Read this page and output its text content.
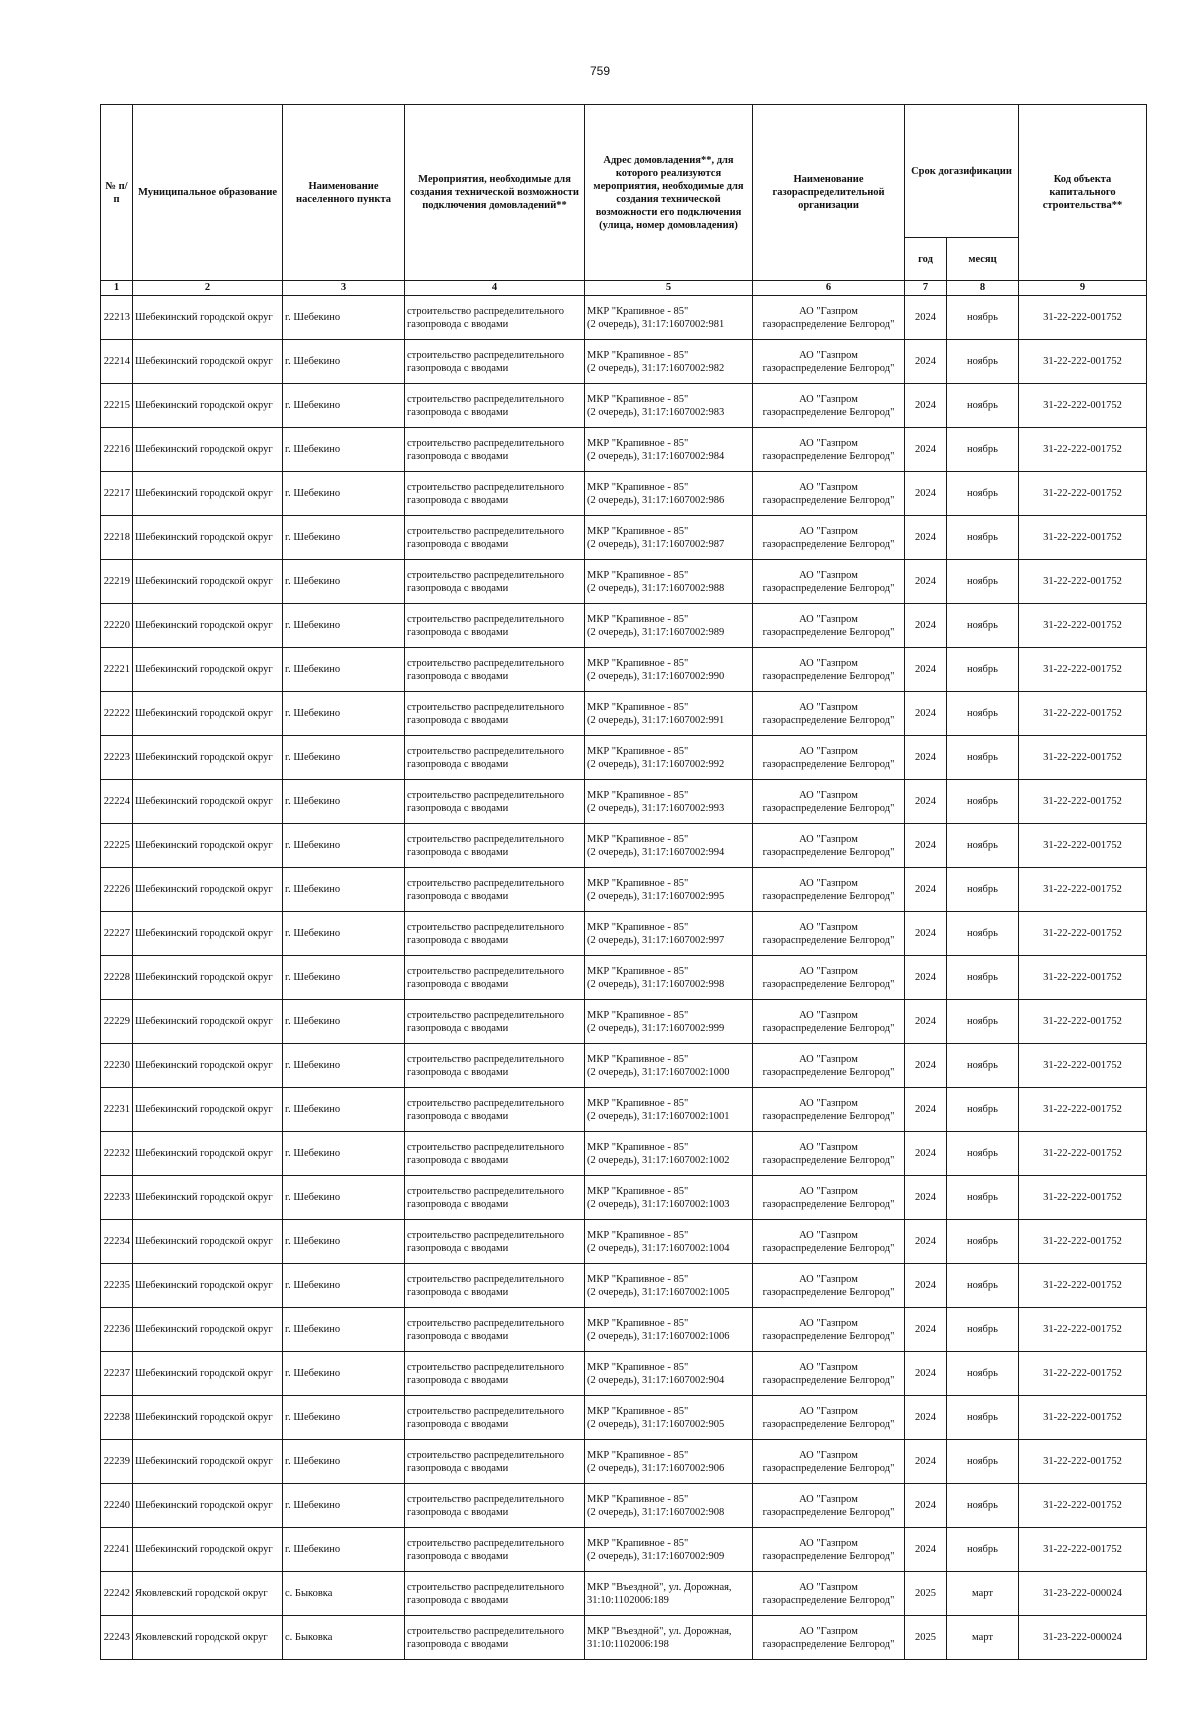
759
№ п/п	Муниципальное образование	Наименование населенного пункта	Мероприятия, необходимые для создания технической возможности подключения домовладений**	Адрес домовладения**, для которого реализуются мероприятия, необходимые для создания технической возможности его подключения (улица, номер домовладения)	Наименование газораспределительной организации	Срок догазификации		Код объекта капитального строительства**
						год	месяц	
1	2	3	4	5	6	7	8	9
22213	Шебекинский городской округ	г. Шебекино	строительство распределительного газопровода с вводами	МКР "Крапивное - 85"
(2 очередь), 31:17:1607002:981	АО "Газпром
газораспределение Белгород"	2024	ноябрь	31-22-222-001752
22214	Шебекинский городской округ	г. Шебекино	строительство распределительного газопровода с вводами	МКР "Крапивное - 85"
(2 очередь), 31:17:1607002:982	АО "Газпром
газораспределение Белгород"	2024	ноябрь	31-22-222-001752
22215	Шебекинский городской округ	г. Шебекино	строительство распределительного газопровода с вводами	МКР "Крапивное - 85"
(2 очередь), 31:17:1607002:983	АО "Газпром
газораспределение Белгород"	2024	ноябрь	31-22-222-001752
22216	Шебекинский городской округ	г. Шебекино	строительство распределительного газопровода с вводами	МКР "Крапивное - 85"
(2 очередь), 31:17:1607002:984	АО "Газпром
газораспределение Белгород"	2024	ноябрь	31-22-222-001752
22217	Шебекинский городской округ	г. Шебекино	строительство распределительного газопровода с вводами	МКР "Крапивное - 85"
(2 очередь), 31:17:1607002:986	АО "Газпром
газораспределение Белгород"	2024	ноябрь	31-22-222-001752
22218	Шебекинский городской округ	г. Шебекино	строительство распределительного газопровода с вводами	МКР "Крапивное - 85"
(2 очередь), 31:17:1607002:987	АО "Газпром
газораспределение Белгород"	2024	ноябрь	31-22-222-001752
22219	Шебекинский городской округ	г. Шебекино	строительство распределительного газопровода с вводами	МКР "Крапивное - 85"
(2 очередь), 31:17:1607002:988	АО "Газпром
газораспределение Белгород"	2024	ноябрь	31-22-222-001752
22220	Шебекинский городской округ	г. Шебекино	строительство распределительного газопровода с вводами	МКР "Крапивное - 85"
(2 очередь), 31:17:1607002:989	АО "Газпром
газораспределение Белгород"	2024	ноябрь	31-22-222-001752
22221	Шебекинский городской округ	г. Шебекино	строительство распределительного газопровода с вводами	МКР "Крапивное - 85"
(2 очередь), 31:17:1607002:990	АО "Газпром
газораспределение Белгород"	2024	ноябрь	31-22-222-001752
22222	Шебекинский городской округ	г. Шебекино	строительство распределительного газопровода с вводами	МКР "Крапивное - 85"
(2 очередь), 31:17:1607002:991	АО "Газпром
газораспределение Белгород"	2024	ноябрь	31-22-222-001752
22223	Шебекинский городской округ	г. Шебекино	строительство распределительного газопровода с вводами	МКР "Крапивное - 85"
(2 очередь), 31:17:1607002:992	АО "Газпром
газораспределение Белгород"	2024	ноябрь	31-22-222-001752
22224	Шебекинский городской округ	г. Шебекино	строительство распределительного газопровода с вводами	МКР "Крапивное - 85"
(2 очередь), 31:17:1607002:993	АО "Газпром
газораспределение Белгород"	2024	ноябрь	31-22-222-001752
22225	Шебекинский городской округ	г. Шебекино	строительство распределительного газопровода с вводами	МКР "Крапивное - 85"
(2 очередь), 31:17:1607002:994	АО "Газпром
газораспределение Белгород"	2024	ноябрь	31-22-222-001752
22226	Шебекинский городской округ	г. Шебекино	строительство распределительного газопровода с вводами	МКР "Крапивное - 85"
(2 очередь), 31:17:1607002:995	АО "Газпром
газораспределение Белгород"	2024	ноябрь	31-22-222-001752
22227	Шебекинский городской округ	г. Шебекино	строительство распределительного газопровода с вводами	МКР "Крапивное - 85"
(2 очередь), 31:17:1607002:997	АО "Газпром
газораспределение Белгород"	2024	ноябрь	31-22-222-001752
22228	Шебекинский городской округ	г. Шебекино	строительство распределительного газопровода с вводами	МКР "Крапивное - 85"
(2 очередь), 31:17:1607002:998	АО "Газпром
газораспределение Белгород"	2024	ноябрь	31-22-222-001752
22229	Шебекинский городской округ	г. Шебекино	строительство распределительного газопровода с вводами	МКР "Крапивное - 85"
(2 очередь), 31:17:1607002:999	АО "Газпром
газораспределение Белгород"	2024	ноябрь	31-22-222-001752
22230	Шебекинский городской округ	г. Шебекино	строительство распределительного газопровода с вводами	МКР "Крапивное - 85"
(2 очередь), 31:17:1607002:1000	АО "Газпром
газораспределение Белгород"	2024	ноябрь	31-22-222-001752
22231	Шебекинский городской округ	г. Шебекино	строительство распределительного газопровода с вводами	МКР "Крапивное - 85"
(2 очередь), 31:17:1607002:1001	АО "Газпром
газораспределение Белгород"	2024	ноябрь	31-22-222-001752
22232	Шебекинский городской округ	г. Шебекино	строительство распределительного газопровода с вводами	МКР "Крапивное - 85"
(2 очередь), 31:17:1607002:1002	АО "Газпром
газораспределение Белгород"	2024	ноябрь	31-22-222-001752
22233	Шебекинский городской округ	г. Шебекино	строительство распределительного газопровода с вводами	МКР "Крапивное - 85"
(2 очередь), 31:17:1607002:1003	АО "Газпром
газораспределение Белгород"	2024	ноябрь	31-22-222-001752
22234	Шебекинский городской округ	г. Шебекино	строительство распределительного газопровода с вводами	МКР "Крапивное - 85"
(2 очередь), 31:17:1607002:1004	АО "Газпром
газораспределение Белгород"	2024	ноябрь	31-22-222-001752
22235	Шебекинский городской округ	г. Шебекино	строительство распределительного газопровода с вводами	МКР "Крапивное - 85"
(2 очередь), 31:17:1607002:1005	АО "Газпром
газораспределение Белгород"	2024	ноябрь	31-22-222-001752
22236	Шебекинский городской округ	г. Шебекино	строительство распределительного газопровода с вводами	МКР "Крапивное - 85"
(2 очередь), 31:17:1607002:1006	АО "Газпром
газораспределение Белгород"	2024	ноябрь	31-22-222-001752
22237	Шебекинский городской округ	г. Шебекино	строительство распределительного газопровода с вводами	МКР "Крапивное - 85"
(2 очередь), 31:17:1607002:904	АО "Газпром
газораспределение Белгород"	2024	ноябрь	31-22-222-001752
22238	Шебекинский городской округ	г. Шебекино	строительство распределительного газопровода с вводами	МКР "Крапивное - 85"
(2 очередь), 31:17:1607002:905	АО "Газпром
газораспределение Белгород"	2024	ноябрь	31-22-222-001752
22239	Шебекинский городской округ	г. Шебекино	строительство распределительного газопровода с вводами	МКР "Крапивное - 85"
(2 очередь), 31:17:1607002:906	АО "Газпром
газораспределение Белгород"	2024	ноябрь	31-22-222-001752
22240	Шебекинский городской округ	г. Шебекино	строительство распределительного газопровода с вводами	МКР "Крапивное - 85"
(2 очередь), 31:17:1607002:908	АО "Газпром
газораспределение Белгород"	2024	ноябрь	31-22-222-001752
22241	Шебекинский городской округ	г. Шебекино	строительство распределительного газопровода с вводами	МКР "Крапивное - 85"
(2 очередь), 31:17:1607002:909	АО "Газпром
газораспределение Белгород"	2024	ноябрь	31-22-222-001752
22242	Яковлевский городской округ	с. Быковка	строительство распределительного газопровода с вводами	МКР "Въездной", ул. Дорожная,
31:10:1102006:189	АО "Газпром
газораспределение Белгород"	2025	март	31-23-222-000024
22243	Яковлевский городской округ	с. Быковка	строительство распределительного газопровода с вводами	МКР "Въездной", ул. Дорожная,
31:10:1102006:198	АО "Газпром
газораспределение Белгород"	2025	март	31-23-222-000024
